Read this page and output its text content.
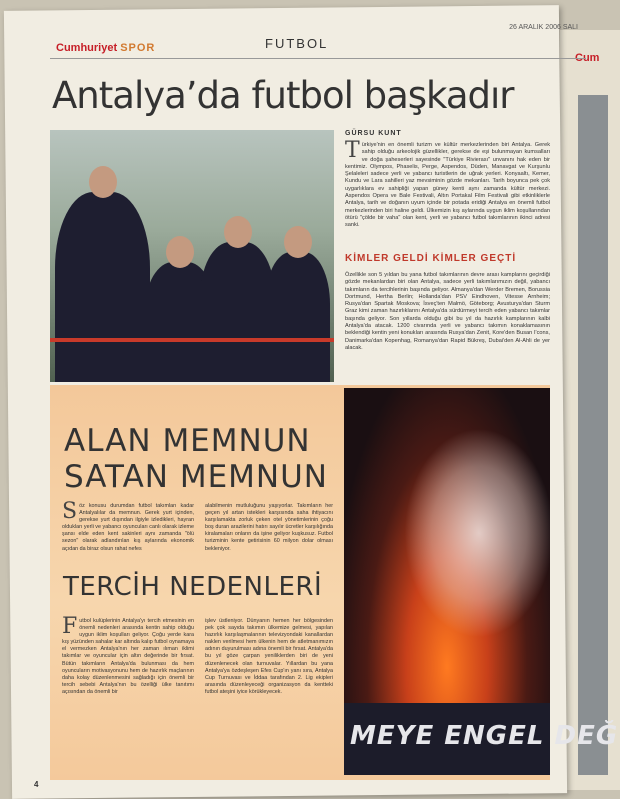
Cum
Cumhuriyet SPOR	FUTBOL
26 ARALIK 2006 SALI
Antalya’da futbol başkadır
GÜRSU KUNT
Türkiye'nin en önemli turizm ve kültür merkezlerinden biri Antalya. Gerek sahip olduğu arkeolojik güzellikler, gerekse de eşi bulunmayan kumsalları ve doğa şaheserleri sayesinde "Türkiye Rivierası" unvanını hak eden bir kentimiz. Olympos, Phaselis, Perge, Aspendos, Düden, Manavgat ve Kurşunlu Şelaleleri sadece yerli ve yabancı turistlerin de uğrak yerleri. Konyaaltı, Kemer, Kundu ve Lara sahilleri yaz mevsiminin gözde mekanları. Tarih boyunca pek çok uygarlıklara ev sahipliği yapan güney kenti aynı zamanda kültür merkezi. Aspendos Opera ve Bale Festivali, Altın Portakal Film Festivali gibi etkinliklerle Antalya, tarih ve doğanın uyum içinde bir potada eridiği Antalya en önemli futbol merkezlerinden biri haline geldi. Ülkemizin kış aylarında uygun iklim koşullarından ötürü "çölde bir vaha" olan kent, yerli ve yabancı futbol takımlarının ikinci adresi sanki.
KİMLER GELDİ KİMLER GEÇTİ
Özellikle son 5 yıldan bu yana futbol takımlarının devre arası kamplarını geçirdiği gözde mekanlardan biri olan Antalya, sadece yerli takımlarımızın değil, yabancı takımların da tercihlerinin başında geliyor. Almanya'dan Werder Bremen, Borussia Dortmund, Hertha Berlin; Hollanda'dan PSV Eindhoven, Vitesse Arnheim; Rusya'dan Spartak Moskova; İsveç'ten Malmö, Göteborg; Avusturya'dan Sturm Graz kimi zaman hazırlıklarını Antalya'da sürdürmeyi tercih eden yabancı takımlar başında geliyor. Son yıllarda olduğu gibi bu yıl da hazırlık kamplarının kalbi Antalya'da atacak. 1200 civarında yerli ve yabancı takımın konaklamasının beklendiği kentin yeni konukları arasında Rusya'dan Zenit, Kore'den Busan I'cons, Danimarka'dan Kopenhag, Romanya'dan Rapid Bükreş, Dubai'den Al-Ahli de yer alacak.
ALAN MEMNUN
SATAN MEMNUN
Söz konusu durumdan futbol takımları kadar Antalyalılar da memnun. Gerek yurt içinden, gerekse yurt dışından ilgiyle izledikleri, hayran oldukları yerli ve yabancı oyuncuları canlı olarak izleme şansı elde eden kent sakinleri aynı zamanda "ölü sezon" olarak adlandırılan kış aylarında ekonomik açıdan da biraz olsun rahat nefes
alabilmenin mutluluğunu yaşıyorlar. Takımların her geçen yıl artan istekleri karşısında saha ihtiyacını karşılamakta zorluk çeken otel yönetimlerinin çoğu boş duran arazilerini hatırı sayılır ücretler karşılığında kiralamaları onların da işine geliyor kuşkusuz. Futbol turizminin kente getirisinin 60 milyon dolar olması bekleniyor.
TERCİH NEDENLERİ
Futbol kulüplerinin Antalya'yı tercih etmesinin en önemli nedenleri arasında kentin sahip olduğu uygun iklim koşulları geliyor. Çoğu yerde kara kış yüzünden sahalar kar altında kalıp futbol oynamaya el vermezken Antalya'nın her zaman ılıman iklimi takımlar ve oyuncular için altın değerinde bir fırsat. Bütün takımların Antalya'da bulunması da hem oyuncuların motivasyonunu hem de hazırlık maçlarının daha kolay düzenlenmesini sağladığı için önemli bir tercih sebebi Antalya'nın bu özelliği ülke tanıtımı açısından da önemli bir
işlev üstleniyor. Dünyanın hemen her bölgesinden pek çok sayıda takımın ülkemize gelmesi, yapılan hazırlık karşılaşmalarının televizyondaki kanallardan naklen verilmesi hem ülkenin hem de atletmanımızın adının duyurulması adına önemli bir fırsat. Antalya'da bu yıl göze çarpan yeniliklerden biri de yeni düzenlenecek olan turnuvalar. Yıllardan bu yana Antalya'ya özdeşleşen Efes Cup'ın yanı sıra, Antalya Cup Turnuvası ve İddaa tarafından 2. Lig ekipleri arasında düzenleyeceği organizasyon da kentteki futbol ateşini iyice körükleyecek.
MEYE ENGEL DEĞ
4
